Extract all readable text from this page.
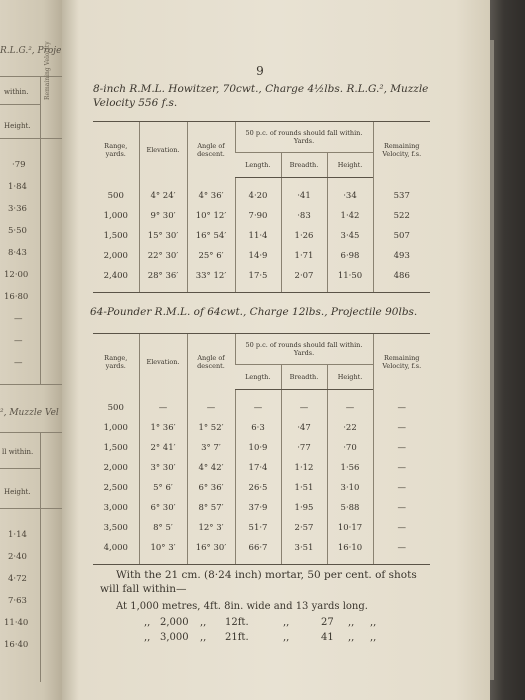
R.L.G.², Proje
within.
Height.
Remaining Velocity
·79
1·84
3·36
5·50
8·43
12·00
16·80
—
—
—
², Muzzle Vel
ll within.
Height.
1·14
2·40
4·72
7·63
11·40
16·40
9
8-inch R.M.L. Howitzer, 70cwt., Charge 4½lbs. R.L.G.², Muzzle Velocity 556 f.s.
Range, yards.	Elevation.	Angle of descent.	50 p.c. of rounds should fall within. Yards.			Remaining Velocity, f.s.
			Length.	Breadth.	Height.	

500	4° 24′	4° 36′	4·20	·41	·34	537
1,000	9° 30′	10° 12′	7·90	·83	1·42	522
1,500	15° 30′	16° 54′	11·4	1·26	3·45	507
2,000	22° 30′	25° 6′	14·9	1·71	6·98	493
2,400	28° 36′	33° 12′	17·5	2·07	11·50	486
64-Pounder R.M.L. of 64cwt., Charge 12lbs., Projectile 90lbs.
Range, yards.	Elevation.	Angle of descent.	50 p.c. of rounds should fall within. Yards.			Remaining Velocity, f.s.
			Length.	Breadth.	Height.	

500	—	—	—	—	—	—
1,000	1° 36′	1° 52′	6·3	·47	·22	—
1,500	2° 41′	3° 7′	10·9	·77	·70	—
2,000	3° 30′	4° 42′	17·4	1·12	1·56	—
2,500	5° 6′	6° 36′	26·5	1·51	3·10	—
3,000	6° 30′	8° 57′	37·9	1·95	5·88	—
3,500	8° 5′	12° 3′	51·7	2·57	10·17	—
4,000	10° 3′	16° 30′	66·7	3·51	16·10	—
With the 21 cm. (8·24 inch) mortar, 50 per cent. of shots will fall within—
At 1,000 metres, 4ft. 8in. wide and 13 yards long.
,, 2,000 ,, 12ft.	,,	27 ,, ,,
,, 3,000 ,, 21ft.	,,	41 ,, ,,
